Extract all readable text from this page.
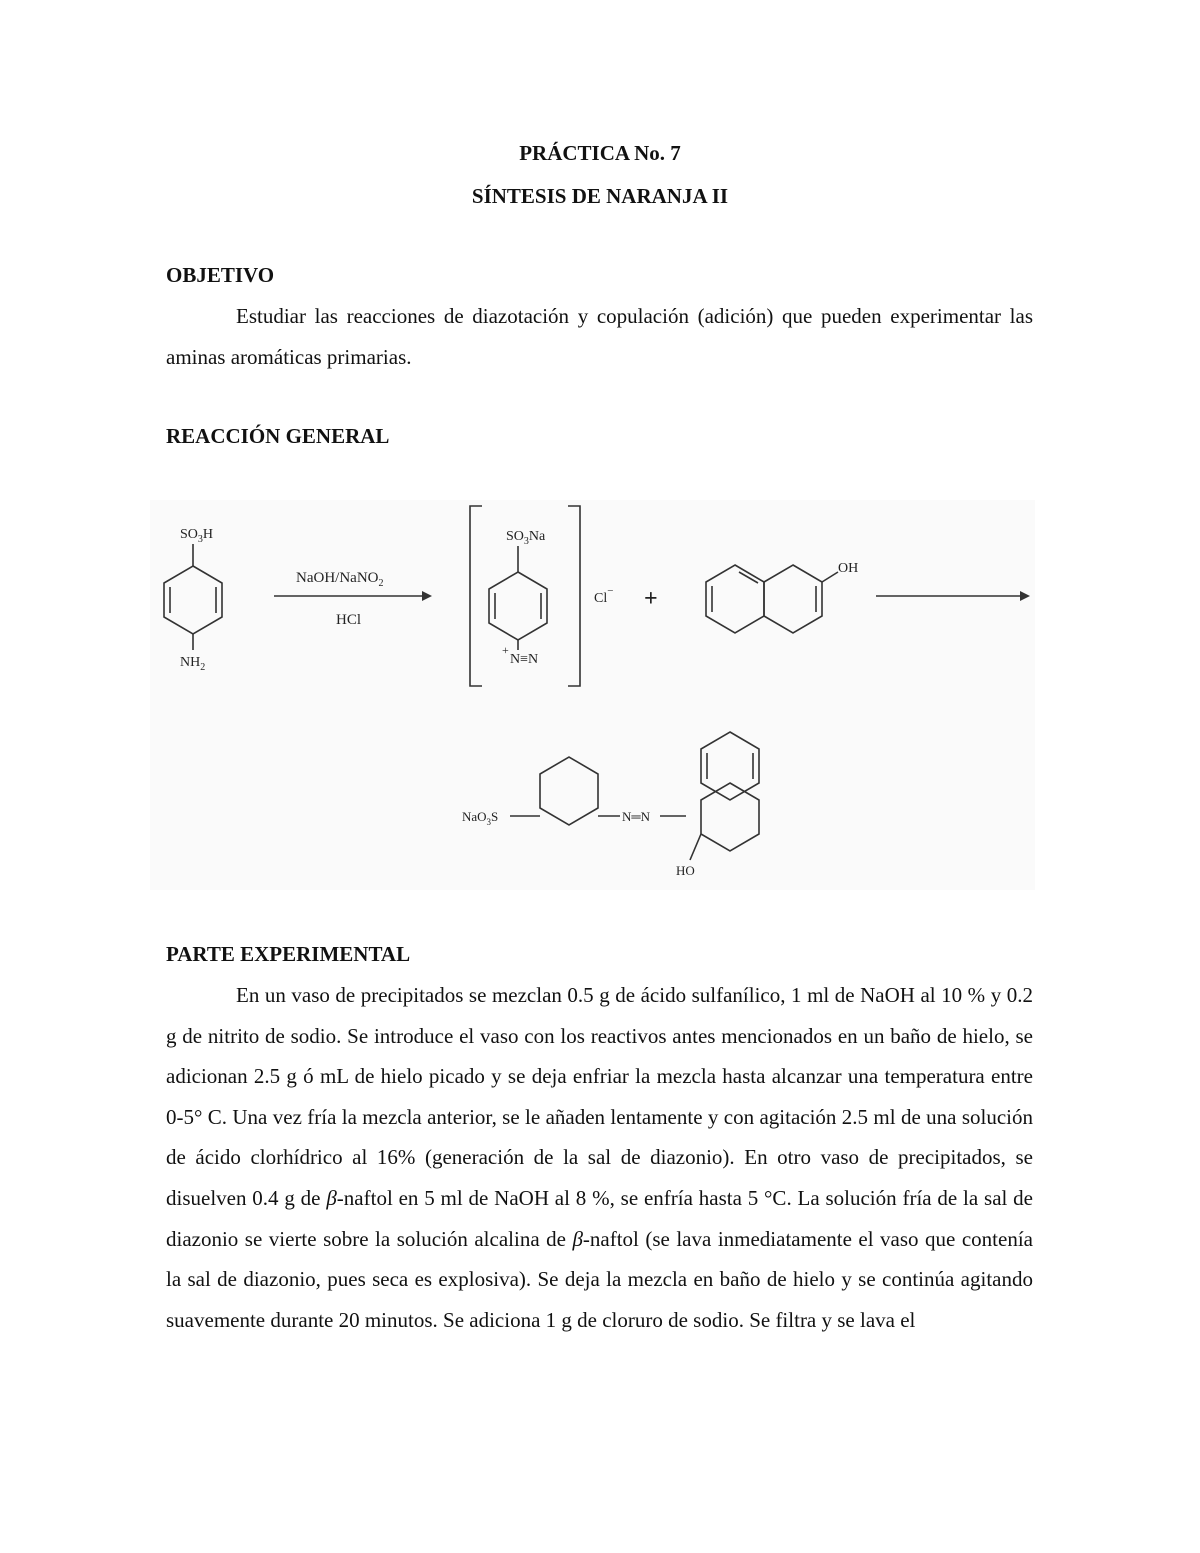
PRÁCTICA No. 7
SÍNTESIS DE NARANJA II
OBJETIVO
Estudiar las reacciones de diazotación y copulación (adición) que pueden experimentar las aminas aromáticas primarias.
REACCIÓN GENERAL
$SO_3H$
$NH_2$
NaOH/NaNO$_2$
HCl
$SO_3Na$
+
N≡N
Cl− +
OH
NaO$_3$S	N═N
HO
PARTE EXPERIMENTAL
En un vaso de precipitados se mezclan 0.5 g de ácido sulfanílico, 1 ml de NaOH al 10 % y 0.2 g de nitrito de sodio. Se introduce el vaso con los reactivos antes mencionados en un baño de hielo, se adicionan 2.5 g ó mL de hielo picado y se deja enfriar la mezcla hasta alcanzar una temperatura entre 0-5° C. Una vez fría la mezcla anterior, se le añaden lentamente y con agitación 2.5 ml de una solución de ácido clorhídrico al 16% (generación de la sal de diazonio). En otro vaso de precipitados, se disuelven 0.4 g de β-naftol en 5 ml de NaOH al 8 %, se enfría hasta 5 °C. La solución fría de la sal de diazonio se vierte sobre la solución alcalina de β-naftol (se lava inmediatamente el vaso que contenía la sal de diazonio, pues seca es explosiva). Se deja la mezcla en baño de hielo y se continúa agitando suavemente durante 20 minutos. Se adiciona 1 g de cloruro de sodio. Se filtra y se lava el
